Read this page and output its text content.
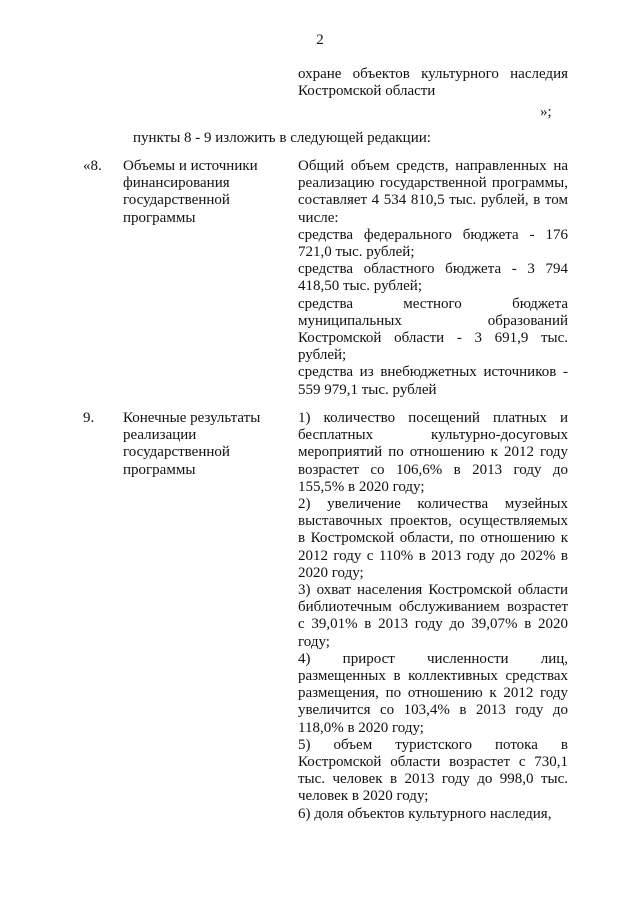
2
охране объектов культурного наследия Костромской области
»;
пункты 8 - 9 изложить в следующей редакции:
«8. Объемы и источники финансирования государственной программы

Общий объем средств, направленных на реализацию государственной программы, составляет 4 534 810,5 тыс. рублей, в том числе:

средства федерального бюджета - 176 721,0 тыс. рублей;

средства областного бюджета - 3 794 418,50 тыс. рублей;

средства местного бюджета муниципальных образований Костромской области - 3 691,9 тыс. рублей;

средства из внебюджетных источников - 559 979,1 тыс. рублей

9. Конечные результаты реализации государственной программы

1) количество посещений платных и бесплатных культурно-досуговых мероприятий по отношению к 2012 году возрастет со 106,6% в 2013 году до 155,5% в 2020 году;

2) увеличение количества музейных выставочных проектов, осуществляемых в Костромской области, по отношению к 2012 году с 110% в 2013 году до 202% в 2020 году;

3) охват населения Костромской области библиотечным обслуживанием возрастет с 39,01% в 2013 году до 39,07% в 2020 году;

4) прирост численности лиц, размещенных в коллективных средствах размещения, по отношению к 2012 году увеличится со 103,4% в 2013 году до 118,0% в 2020 году;

5) объем туристского потока в Костромской области возрастет с 730,1 тыс. человек в 2013 году до 998,0 тыс. человек в 2020 году;

6) доля объектов культурного наследия,
